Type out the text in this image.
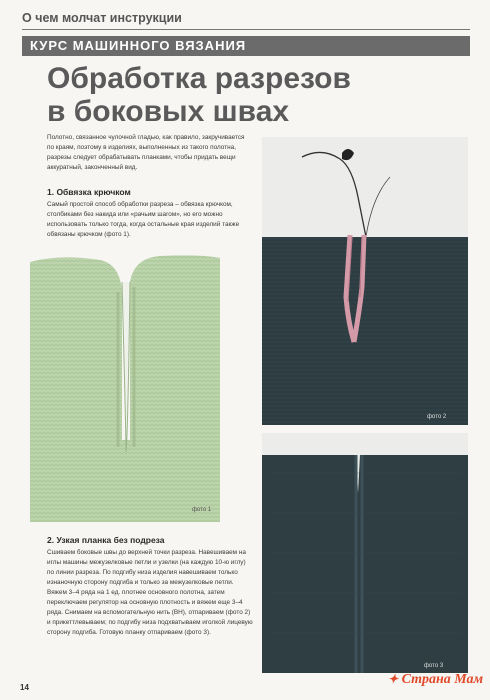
О чем молчат инструкции
КУРС МАШИННОГО ВЯЗАНИЯ
Обработка разрезов
в боковых швах
Полотно, связанное чулочной гладью, как правило, закручивается по краям, поэтому в изделиях, выполненных из такого полотна, разрезы следует обрабатывать планками, чтобы придать вещи аккуратный, законченный вид.
1. Обвязка крючком
Самый простой способ обработки разреза – обвязка крючком, столбиками без накида или «рачьим шагом», но его можно использовать только тогда, когда остальные края изделий также обвязаны крючком (фото 1).
фото 1
фото 2
фото 3
2. Узкая планка без подреза
Сшиваем боковые швы до верхней точки разреза. Навешиваем на иглы машины межузелковые петли и узелки (на каждую 10-ю иглу) по линии разреза. По подгибу низа изделия навешиваем только изнаночную сторону подгиба и только за межузелковые петли. Вяжем 3–4 ряда на 1 ед. плотнее основного полотна, затем переключаем регулятор на основную плотность и вяжем еще 3–4 ряда. Снимаем на вспомогательную нить (ВН), отпариваем (фото 2) и прикеттлевываем; по подгибу низа подхватываем иголкой лицевую сторону подгиба. Готовую планку отпариваем (фото 3).
14
✦ Страна Мам
